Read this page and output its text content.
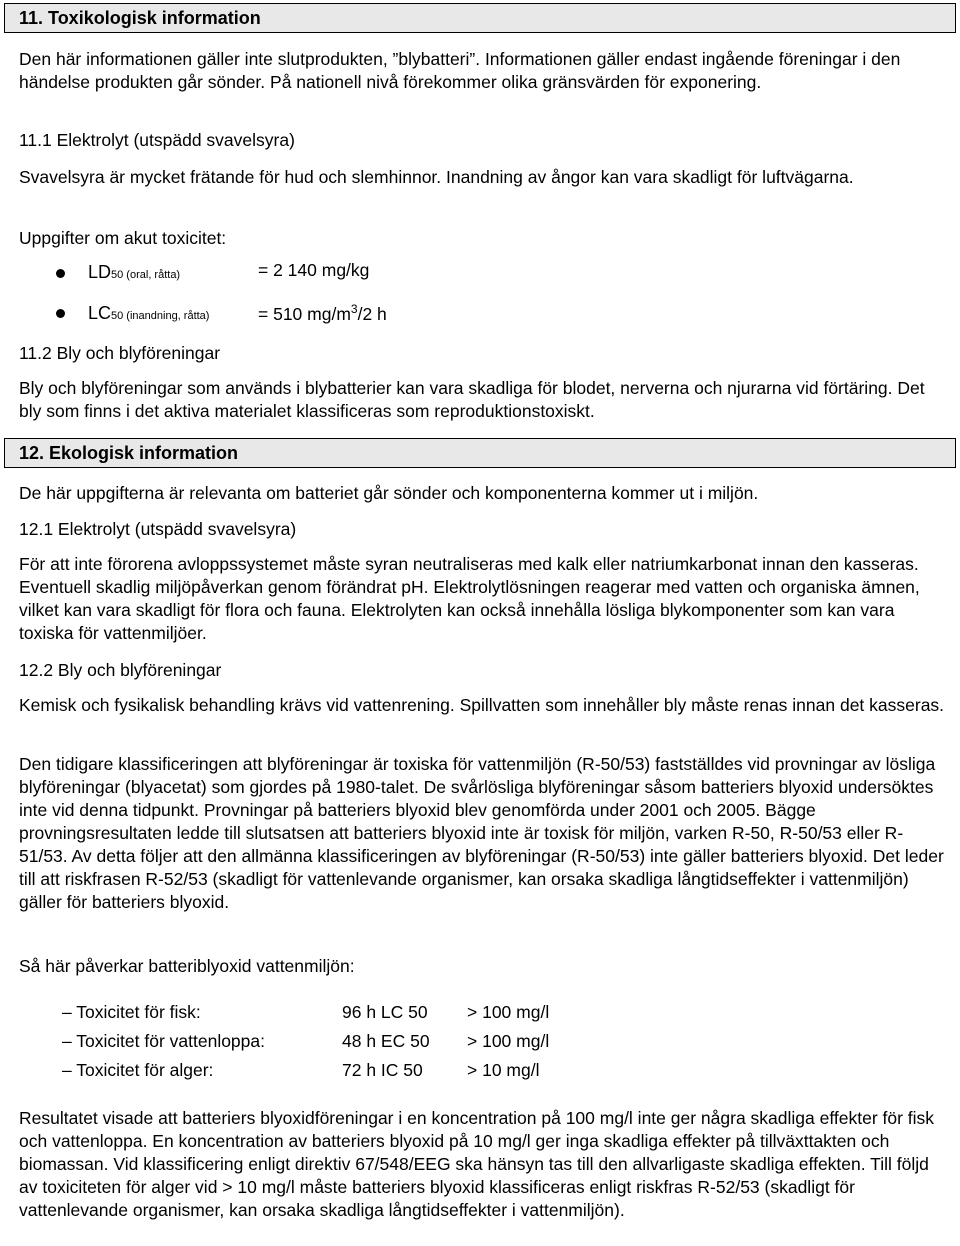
11. Toxikologisk information

Den här informationen gäller inte slutprodukten, ”blybatteri”. Informationen gäller endast ingående föreningar i den händelse produkten går sönder. På nationell nivå förekommer olika gränsvärden för exponering.

11.1 Elektrolyt (utspädd svavelsyra)

Svavelsyra är mycket frätande för hud och slemhinnor. Inandning av ångor kan vara skadligt för luftvägarna.

Uppgifter om akut toxicitet:

LD50 (oral, råtta)	= 2 140 mg/kg
LC50 (inandning, råtta)	= 510 $mg/m^3/2$ h

11.2 Bly och blyföreningar

Bly och blyföreningar som används i blybatterier kan vara skadliga för blodet, nerverna och njurarna vid förtäring. Det bly som finns i det aktiva materialet klassificeras som reproduktionstoxiskt.

12. Ekologisk information

De här uppgifterna är relevanta om batteriet går sönder och komponenterna kommer ut i miljön.

12.1 Elektrolyt (utspädd svavelsyra)

För att inte förorena avloppssystemet måste syran neutraliseras med kalk eller natriumkarbonat innan den kasseras. Eventuell skadlig miljöpåverkan genom förändrat pH. Elektrolytlösningen reagerar med vatten och organiska ämnen, vilket kan vara skadligt för flora och fauna. Elektrolyten kan också innehålla lösliga blykomponenter som kan vara toxiska för vattenmiljöer.

12.2 Bly och blyföreningar

Kemisk och fysikalisk behandling krävs vid vattenrening. Spillvatten som innehåller bly måste renas innan det kasseras.

Den tidigare klassificeringen att blyföreningar är toxiska för vattenmiljön (R-50/53) fastställdes vid provningar av lösliga blyföreningar (blyacetat) som gjordes på 1980-talet. De svårlösliga blyföreningar såsom batteriers blyoxid undersöktes inte vid denna tidpunkt. Provningar på batteriers blyoxid blev genomförda under 2001 och 2005. Bägge provningsresultaten ledde till slutsatsen att batteriers blyoxid inte är toxisk för miljön, varken R-50, R-50/53 eller R-51/53. Av detta följer att den allmänna klassificeringen av blyföreningar (R-50/53) inte gäller batteriers blyoxid. Det leder till att riskfrasen R-52/53 (skadligt för vattenlevande organismer, kan orsaka skadliga långtidseffekter i vattenmiljön) gäller för batteriers blyoxid.

Så här påverkar batteriblyoxid vattenmiljön:

– Toxicitet för fisk:	96 h LC 50 > 100 mg/l
– Toxicitet för vattenloppa:	48 h EC 50 > 100 mg/l
– Toxicitet för alger:	72 h IC 50	> 10 mg/l

Resultatet visade att batteriers blyoxidföreningar i en koncentration på 100 mg/l inte ger några skadliga effekter för fisk och vattenloppa. En koncentration av batteriers blyoxid på 10 mg/l ger inga skadliga effekter på tillväxttakten och biomassan. Vid klassificering enligt direktiv 67/548/EEG ska hänsyn tas till den allvarligaste skadliga effekten. Till följd av toxiciteten för alger vid > 10 mg/l måste batteriers blyoxid klassificeras enligt riskfras R-52/53 (skadligt för vattenlevande organismer, kan orsaka skadliga långtidseffekter i vattenmiljön).
